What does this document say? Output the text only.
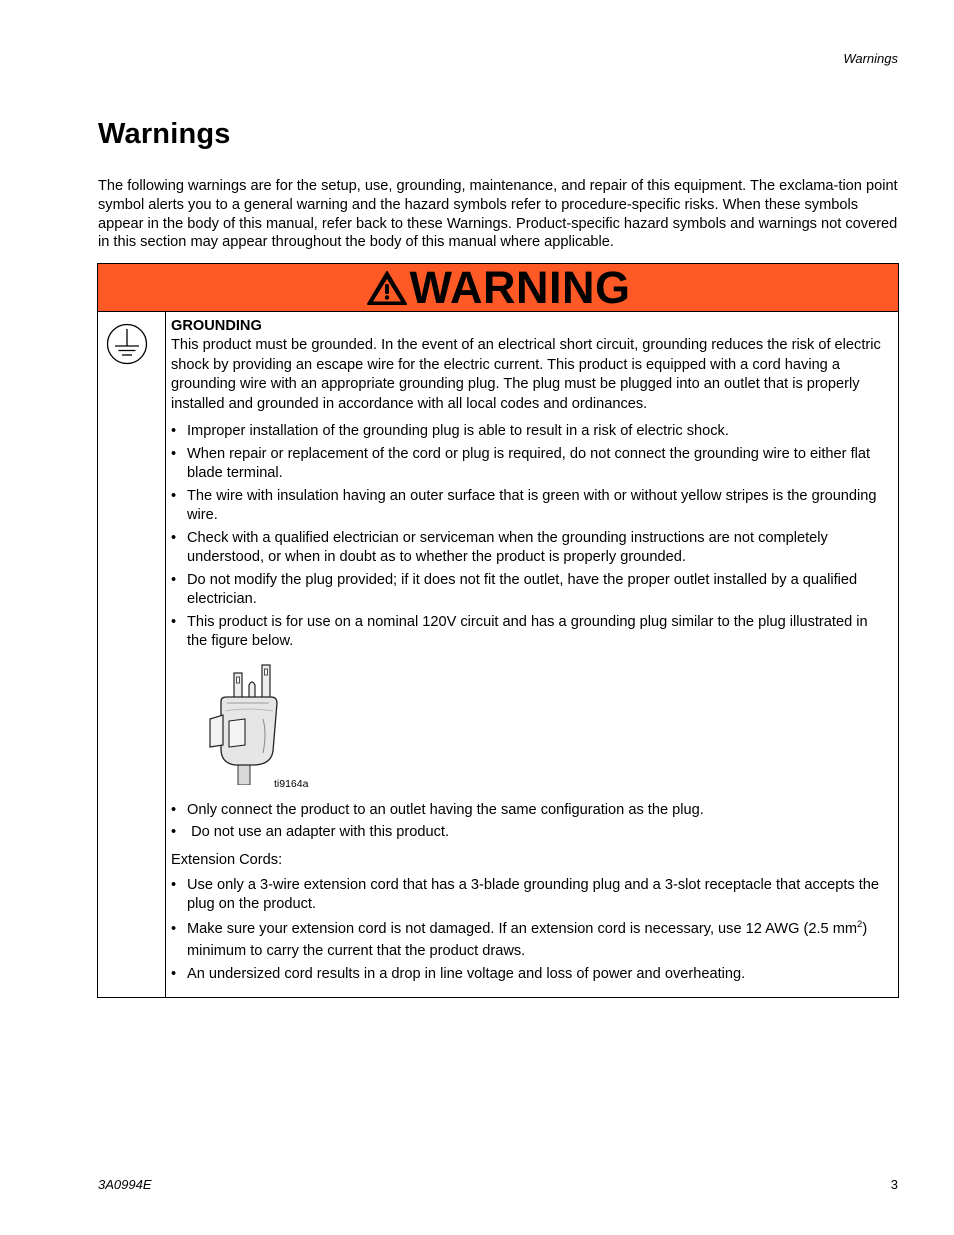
Warnings
Warnings

The following warnings are for the setup, use, grounding, maintenance, and repair of this equipment. The exclama-tion point symbol alerts you to a general warning and the hazard symbols refer to procedure-specific risks. When these symbols appear in the body of this manual, refer back to these Warnings. Product-specific hazard symbols and warnings not covered in this section may appear throughout the body of this manual where applicable.

WARNING
GROUNDING

This product must be grounded. In the event of an electrical short circuit, grounding reduces the risk of electric shock by providing an escape wire for the electric current. This product is equipped with a cord having a grounding wire with an appropriate grounding plug. The plug must be plugged into an outlet that is properly installed and grounded in accordance with all local codes and ordinances.

• Improper installation of the grounding plug is able to result in a risk of electric shock.
• When repair or replacement of the cord or plug is required, do not connect the grounding wire to either flat blade terminal.
• The wire with insulation having an outer surface that is green with or without yellow stripes is the grounding wire.
• Check with a qualified electrician or serviceman when the grounding instructions are not completely understood, or when in doubt as to whether the product is properly grounded.
• Do not modify the plug provided; if it does not fit the outlet, have the proper outlet installed by a qualified electrician.
• This product is for use on a nominal 120V circuit and has a grounding plug similar to the plug illustrated in the figure below.
ti9164a
• Only connect the product to an outlet having the same configuration as the plug.
•  Do not use an adapter with this product.
Extension Cords:
• Use only a 3-wire extension cord that has a 3-blade grounding plug and a 3-slot receptacle that accepts the plug on the product.
• Make sure your extension cord is not damaged. If an extension cord is necessary, use 12 AWG (2.5 $mm^2$) minimum to carry the current that the product draws.
• An undersized cord results in a drop in line voltage and loss of power and overheating.
3A0994E	3
